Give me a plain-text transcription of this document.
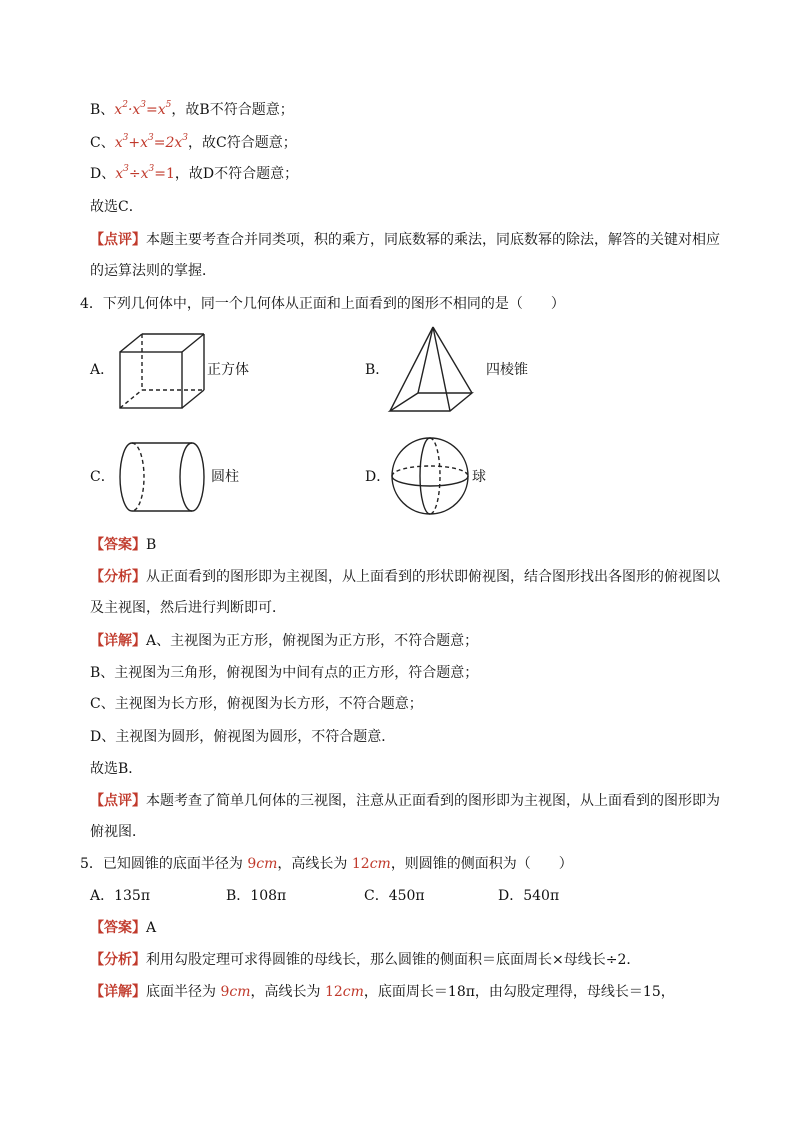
B、$x^2\cdot x^3=x^5$，故B不符合题意；
C、$x^3+x^3=2x^3$，故C符合题意；
D、$x^3\div x^3=1$，故D不符合题意；
故选C．
【点评】本题主要考查合并同类项，积的乘方，同底数幂的乘法，同底数幂的除法，解答的关键对相应
的运算法则的掌握．
4．下列几何体中，同一个几何体从正面和上面看到的图形不相同的是（　　）
A．	正方体	B．	四棱锥
C．	圆柱	D．	球
【答案】B
【分析】从正面看到的图形即为主视图，从上面看到的形状即俯视图，结合图形找出各图形的俯视图以
及主视图，然后进行判断即可．
【详解】A、主视图为正方形，俯视图为正方形，不符合题意；
B、主视图为三角形，俯视图为中间有点的正方形，符合题意；
C、主视图为长方形，俯视图为长方形，不符合题意；
D、主视图为圆形，俯视图为圆形，不符合题意．
故选B．
【点评】本题考查了简单几何体的三视图，注意从正面看到的图形即为主视图，从上面看到的图形即为
俯视图．
5．已知圆锥的底面半径为 9cm，高线长为 12cm，则圆锥的侧面积为（　　）
A．135π	B．108π	C．450π	D．540π
【答案】A
【分析】利用勾股定理可求得圆锥的母线长，那么圆锥的侧面积＝底面周长×母线长÷2．
【详解】底面半径为 9cm，高线长为 12cm，底面周长＝18π，由勾股定理得，母线长＝15，
